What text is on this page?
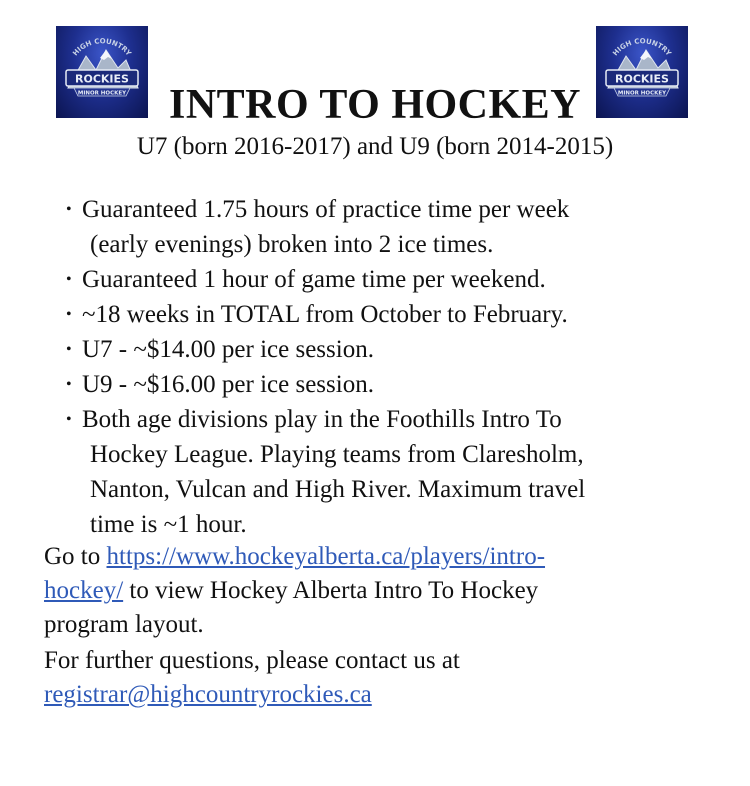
HIGH COUNTRY
ROCKIES
MINOR HOCKEY
HIGH COUNTRY
ROCKIES
MINOR HOCKEY
INTRO TO HOCKEY
U7 (born 2016-2017) and U9 (born 2014-2015)
• Guaranteed 1.75 hours of practice time per week
(early evenings) broken into 2 ice times.
• Guaranteed 1 hour of game time per weekend.
• ~18 weeks in TOTAL from October to February.
• U7 - ~$14.00 per ice session.
• U9 - ~$16.00 per ice session.
• Both age divisions play in the Foothills Intro To
Hockey League. Playing teams from Claresholm,
Nanton, Vulcan and High River. Maximum travel
time is ~1 hour.
Go to https://www.hockeyalberta.ca/players/intro-
hockey/ to view Hockey Alberta Intro To Hockey
program layout.
For further questions, please contact us at
registrar@highcountryrockies.ca
